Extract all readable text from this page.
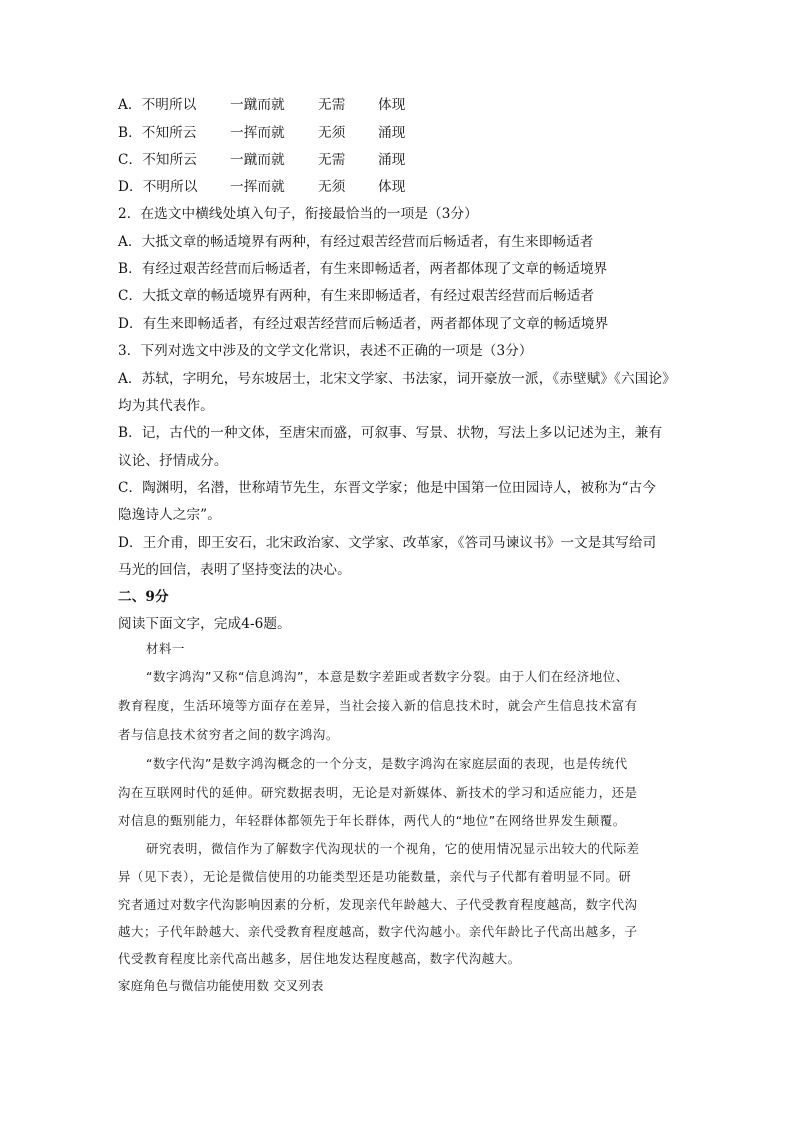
A．不明所以 一蹴而就 无需 体现
B．不知所云 一挥而就 无须 涌现
C．不知所云 一蹴而就 无需 涌现
D．不明所以 一挥而就 无须 体现
2．在选文中横线处填入句子，衔接最恰当的一项是（3分）
A．大抵文章的畅适境界有两种，有经过艰苦经营而后畅适者，有生来即畅适者
B．有经过艰苦经营而后畅适者，有生来即畅适者，两者都体现了文章的畅适境界
C．大抵文章的畅适境界有两种，有生来即畅适者，有经过艰苦经营而后畅适者
D．有生来即畅适者，有经过艰苦经营而后畅适者，两者都体现了文章的畅适境界
3．下列对选文中涉及的文学文化常识，表述不正确的一项是（3分）
A．苏轼，字明允，号东坡居士，北宋文学家、书法家，词开豪放一派，《赤壁赋》《六国论》
均为其代表作。
B．记，古代的一种文体，至唐宋而盛，可叙事、写景、状物，写法上多以记述为主，兼有
议论、抒情成分。
C．陶渊明，名潜，世称靖节先生，东晋文学家；他是中国第一位田园诗人，被称为“古今
隐逸诗人之宗”。
D．王介甫，即王安石，北宋政治家、文学家、改革家，《答司马谏议书》一文是其写给司
马光的回信，表明了坚持变法的决心。
二、9分
阅读下面文字，完成4-6题。
材料一
“数字鸿沟”又称“信息鸿沟”，本意是数字差距或者数字分裂。由于人们在经济地位、
教育程度，生活环境等方面存在差异，当社会接入新的信息技术时，就会产生信息技术富有
者与信息技术贫穷者之间的数字鸿沟。
“数字代沟”是数字鸿沟概念的一个分支，是数字鸿沟在家庭层面的表现，也是传统代
沟在互联网时代的延伸。研究数据表明，无论是对新媒体、新技术的学习和适应能力，还是
对信息的甄别能力，年轻群体都领先于年长群体，两代人的“地位”在网络世界发生颠覆。
研究表明，微信作为了解数字代沟现状的一个视角，它的使用情况显示出较大的代际差
异（见下表），无论是微信使用的功能类型还是功能数量，亲代与子代都有着明显不同。研
究者通过对数字代沟影响因素的分析，发现亲代年龄越大、子代受教育程度越高，数字代沟
越大；子代年龄越大、亲代受教育程度越高，数字代沟越小。亲代年龄比子代高出越多，子
代受教育程度比亲代高出越多，居住地发达程度越高，数字代沟越大。
家庭角色与微信功能使用数 交叉列表
